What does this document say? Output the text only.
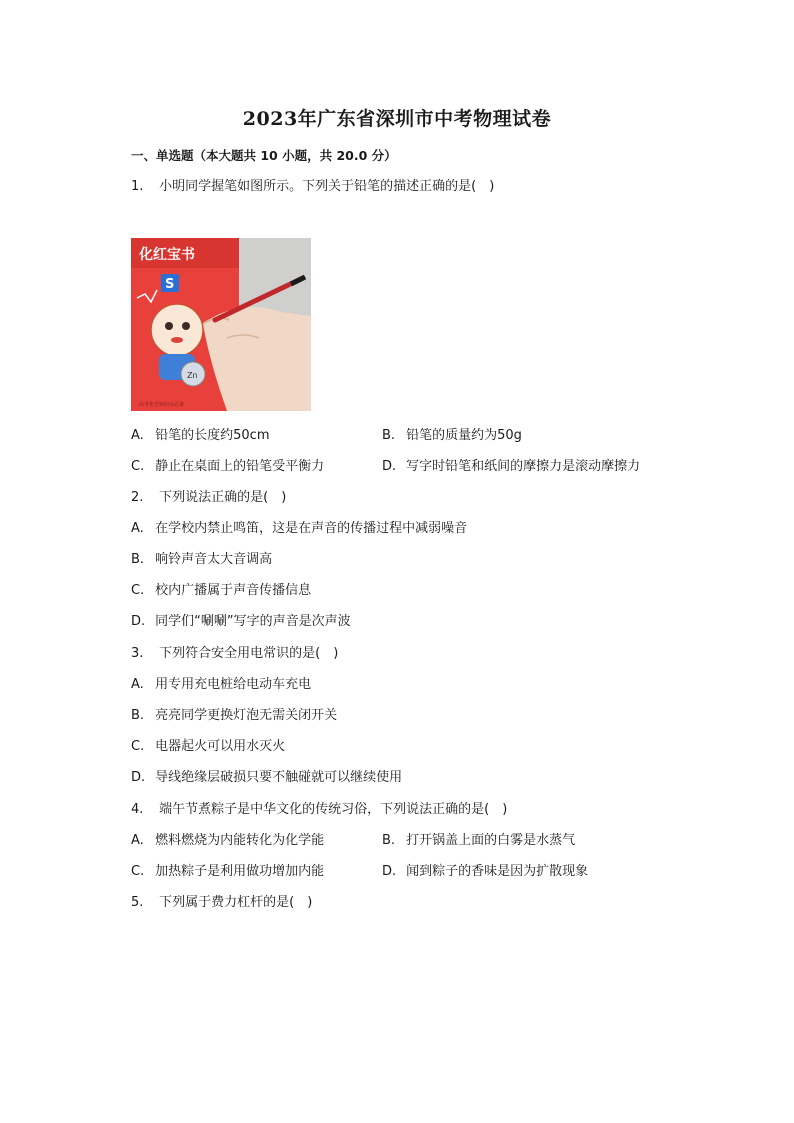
2023年广东省深圳市中考物理试卷
一、单选题（本大题共 10 小题，共 20.0 分）
1. 小明同学握笔如图所示。下列关于铅笔的描述正确的是(　)
化红宝书
S
Zn
高考化学知识点必备
A. 铅笔的长度约50cm	B. 铅笔的质量约为50g
C. 静止在桌面上的铅笔受平衡力	D. 写字时铅笔和纸间的摩擦力是滚动摩擦力
2. 下列说法正确的是(　)
A. 在学校内禁止鸣笛，这是在声音的传播过程中减弱噪音
B. 响铃声音太大音调高
C. 校内广播属于声音传播信息
D. 同学们“唰唰”写字的声音是次声波
3. 下列符合安全用电常识的是(　)
A. 用专用充电桩给电动车充电
B. 亮亮同学更换灯泡无需关闭开关
C. 电器起火可以用水灭火
D. 导线绝缘层破损只要不触碰就可以继续使用
4. 端午节煮粽子是中华文化的传统习俗，下列说法正确的是(　)
A. 燃料燃烧为内能转化为化学能	B. 打开锅盖上面的白雾是水蒸气
C. 加热粽子是利用做功增加内能	D. 闻到粽子的香味是因为扩散现象
5. 下列属于费力杠杆的是(　)
